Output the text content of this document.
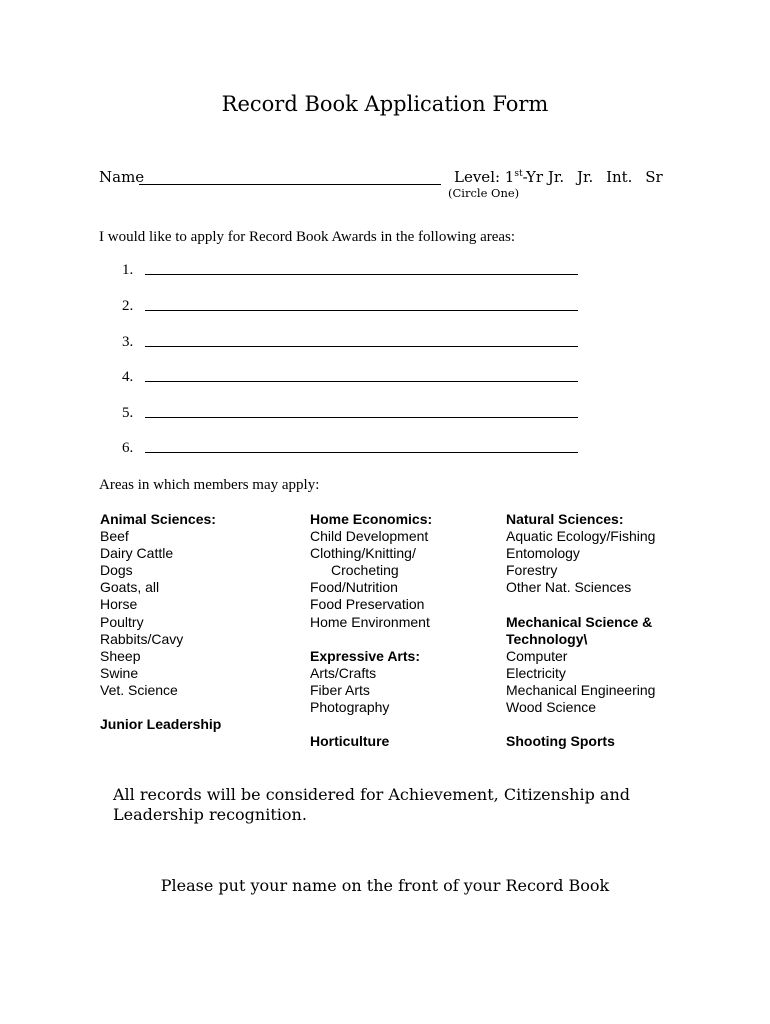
Record Book Application Form
Name	Level: 1st-Yr Jr. Jr. Int. Sr
(Circle One)
I would like to apply for Record Book Awards in the following areas:
1.
2.
3.
4.
5.
6.
Areas in which members may apply:
Animal Sciences:
Beef
Dairy Cattle
Dogs
Goats, all
Horse
Poultry
Rabbits/Cavy
Sheep
Swine
Vet. Science
Junior Leadership
Home Economics:
Child Development
Clothing/Knitting/
Crocheting
Food/Nutrition
Food Preservation
Home Environment
Expressive Arts:
Arts/Crafts
Fiber Arts
Photography
Horticulture
Natural Sciences:
Aquatic Ecology/Fishing
Entomology
Forestry
Other Nat. Sciences
Mechanical Science &
Technology\
Computer
Electricity
Mechanical Engineering
Wood Science
Shooting Sports
All records will be considered for Achievement, Citizenship and Leadership recognition.
Please put your name on the front of your Record Book
